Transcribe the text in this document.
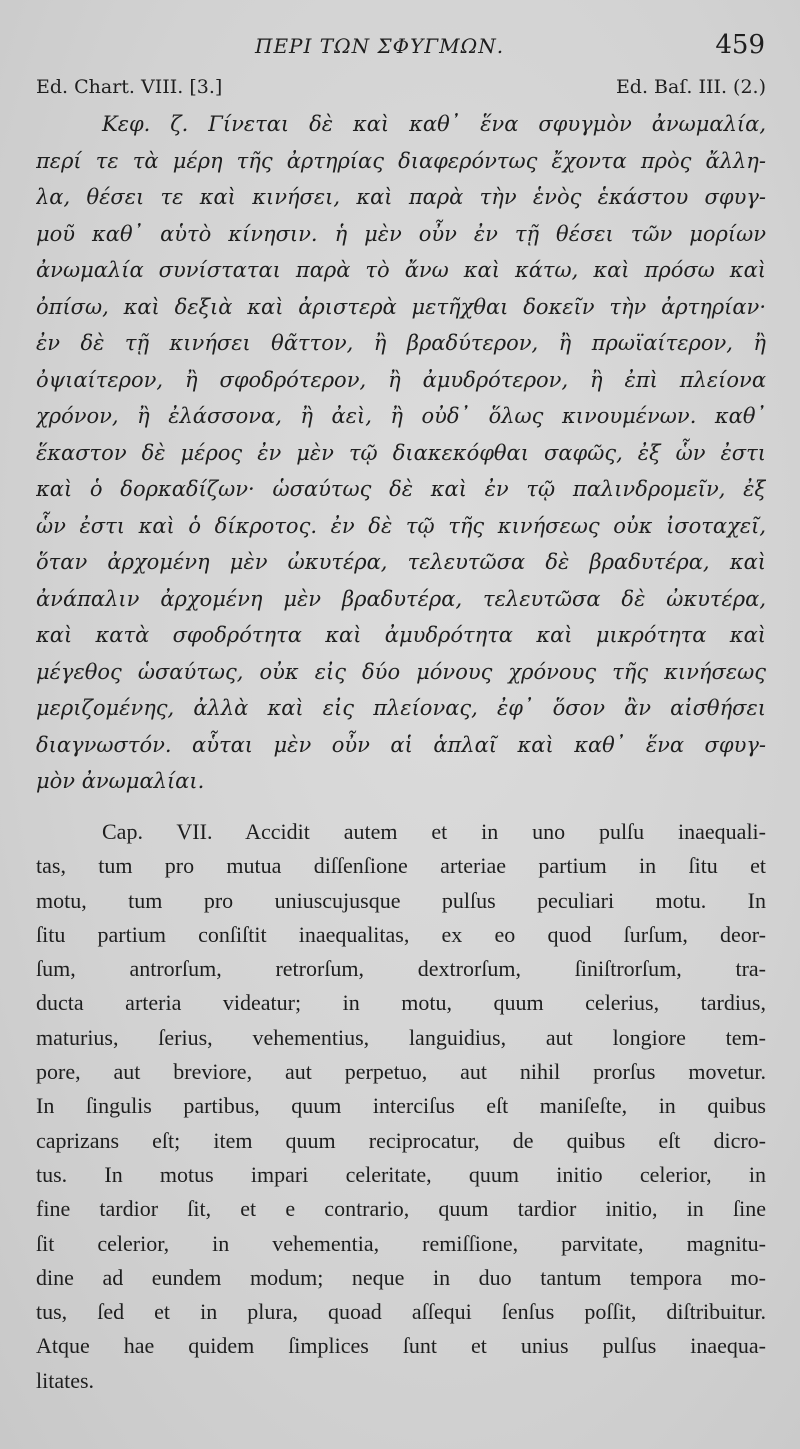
ΠΕΡΙ ΤΩΝ ΣΦΥΓΜΩΝ.	459
Ed. Chart. VIII. [3.]	Ed. Baſ. III. (2.)
Κεφ. ζ. Γίνεται δὲ καὶ καθ᾽ ἕνα σφυγμὸν ἀνωμαλία,
περί τε τὰ μέρη τῆς ἀρτηρίας διαφερόντως ἔχοντα πρὸς ἄλλη-
λα, θέσει τε καὶ κινήσει, καὶ παρὰ τὴν ἑνὸς ἑκάστου σφυγ-
μοῦ καθ᾽ αὑτὸ κίνησιν. ἡ μὲν οὖν ἐν τῇ θέσει τῶν μορίων
ἀνωμαλία συνίσταται παρὰ τὸ ἄνω καὶ κάτω, καὶ πρόσω καὶ
ὀπίσω, καὶ δεξιὰ καὶ ἀριστερὰ μετῆχθαι δοκεῖν τὴν ἀρτηρίαν·
ἐν δὲ τῇ κινήσει θᾶττον, ἢ βραδύτερον, ἢ πρωϊαίτερον, ἢ
ὀψιαίτερον, ἢ σφοδρότερον, ἢ ἀμυδρότερον, ἢ ἐπὶ πλείονα
χρόνον, ἢ ἐλάσσονα, ἢ ἀεὶ, ἢ οὐδ᾽ ὅλως κινουμένων. καθ᾽
ἕκαστον δὲ μέρος ἐν μὲν τῷ διακεκόφθαι σαφῶς, ἐξ ὧν ἐστι
καὶ ὁ δορκαδίζων· ὡσαύτως δὲ καὶ ἐν τῷ παλινδρομεῖν, ἐξ
ὧν ἐστι καὶ ὁ δίκροτος. ἐν δὲ τῷ τῆς κινήσεως οὐκ ἰσοταχεῖ,
ὅταν ἀρχομένη μὲν ὠκυτέρα, τελευτῶσα δὲ βραδυτέρα, καὶ
ἀνάπαλιν ἀρχομένη μὲν βραδυτέρα, τελευτῶσα δὲ ὠκυτέρα,
καὶ κατὰ σφοδρότητα καὶ ἀμυδρότητα καὶ μικρότητα καὶ
μέγεθος ὡσαύτως, οὐκ εἰς δύο μόνους χρόνους τῆς κινήσεως
μεριζομένης, ἀλλὰ καὶ εἰς πλείονας, ἐφ᾽ ὅσον ἂν αἰσθήσει
διαγνωστόν. αὗται μὲν οὖν αἱ ἁπλαῖ καὶ καθ᾽ ἕνα σφυγ-
μὸν ἀνωμαλίαι.
Cap. VII. Accidit autem et in uno pulſu inaequali-
tas, tum pro mutua diſſenſione arteriae partium in ſitu et
motu, tum pro uniuscujusque pulſus peculiari motu. In
ſitu partium conſiſtit inaequalitas, ex eo quod ſurſum, deor-
ſum, antrorſum, retrorſum, dextrorſum, ſiniſtrorſum, tra-
ducta arteria videatur; in motu, quum celerius, tardius,
maturius, ſerius, vehementius, languidius, aut longiore tem-
pore, aut breviore, aut perpetuo, aut nihil prorſus movetur.
In ſingulis partibus, quum interciſus eſt maniſeſte, in quibus
caprizans eſt; item quum reciprocatur, de quibus eſt dicro-
tus. In motus impari celeritate, quum initio celerior, in
fine tardior ſit, et e contrario, quum tardior initio, in ſine
ſit celerior, in vehementia, remiſſione, parvitate, magnitu-
dine ad eundem modum; neque in duo tantum tempora mo-
tus, ſed et in plura, quoad aſſequi ſenſus poſſit, diſtribuitur.
Atque hae quidem ſimplices ſunt et unius pulſus inaequa-
litates.
